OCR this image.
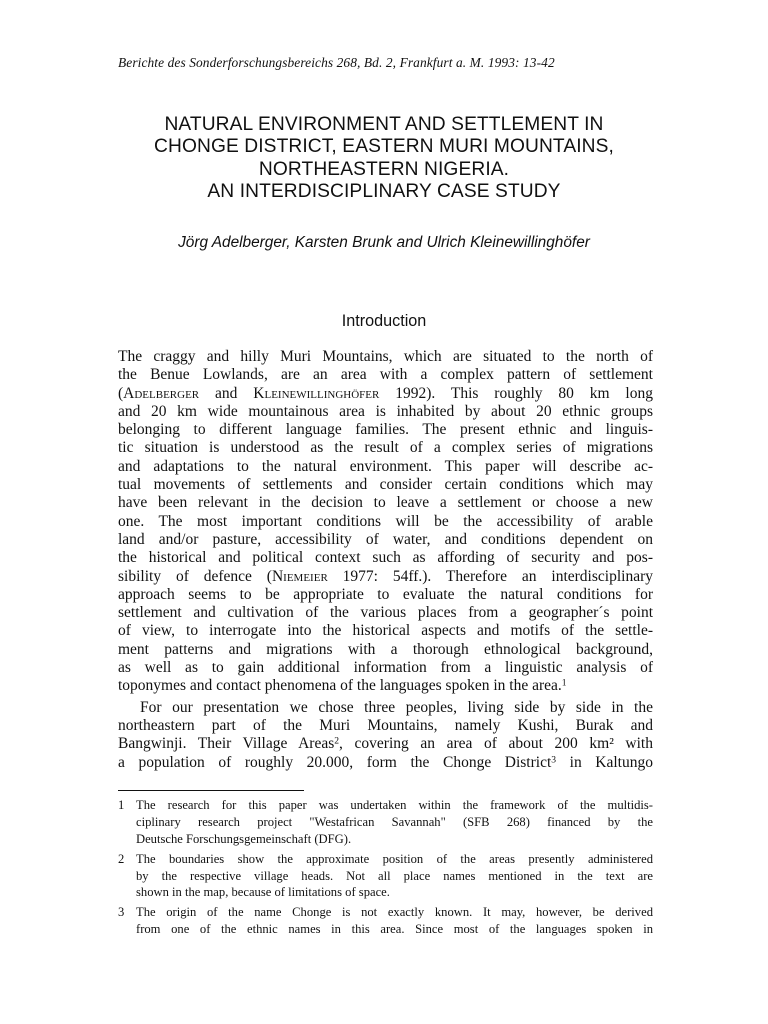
Berichte des Sonderforschungsbereichs 268, Bd. 2, Frankfurt a. M. 1993: 13-42
NATURAL ENVIRONMENT AND SETTLEMENT IN
CHONGE DISTRICT, EASTERN MURI MOUNTAINS,
NORTHEASTERN NIGERIA.
AN INTERDISCIPLINARY CASE STUDY
Jörg Adelberger, Karsten Brunk and Ulrich Kleinewillinghöfer
Introduction
The craggy and hilly Muri Mountains, which are situated to the north of
the Benue Lowlands, are an area with a complex pattern of settlement
(Adelberger and Kleinewillinghöfer 1992). This roughly 80 km long
and 20 km wide mountainous area is inhabited by about 20 ethnic groups
belonging to different language families. The present ethnic and linguis-
tic situation is understood as the result of a complex series of migrations
and adaptations to the natural environment. This paper will describe ac-
tual movements of settlements and consider certain conditions which may
have been relevant in the decision to leave a settlement or choose a new
one. The most important conditions will be the accessibility of arable
land and/or pasture, accessibility of water, and conditions dependent on
the historical and political context such as affording of security and pos-
sibility of defence (Niemeier 1977: 54ff.). Therefore an interdisciplinary
approach seems to be appropriate to evaluate the natural conditions for
settlement and cultivation of the various places from a geographer´s point
of view, to interrogate into the historical aspects and motifs of the settle-
ment patterns and migrations with a thorough ethnological background,
as well as to gain additional information from a linguistic analysis of
toponymes and contact phenomena of the languages spoken in the area.$^1$
For our presentation we chose three peoples, living side by side in the
northeastern part of the Muri Mountains, namely Kushi, Burak and
Bangwinji. Their Village Areas$^2$, covering an area of about 200 km² with
a population of roughly 20.000, form the Chonge District$^3$ in Kaltungo
1 The research for this paper was undertaken within the framework of the multidis-
ciplinary research project "Westafrican Savannah" (SFB 268) financed by the
Deutsche Forschungsgemeinschaft (DFG).
2 The boundaries show the approximate position of the areas presently administered
by the respective village heads. Not all place names mentioned in the text are
shown in the map, because of limitations of space.
3 The origin of the name Chonge is not exactly known. It may, however, be derived
from one of the ethnic names in this area. Since most of the languages spoken in
